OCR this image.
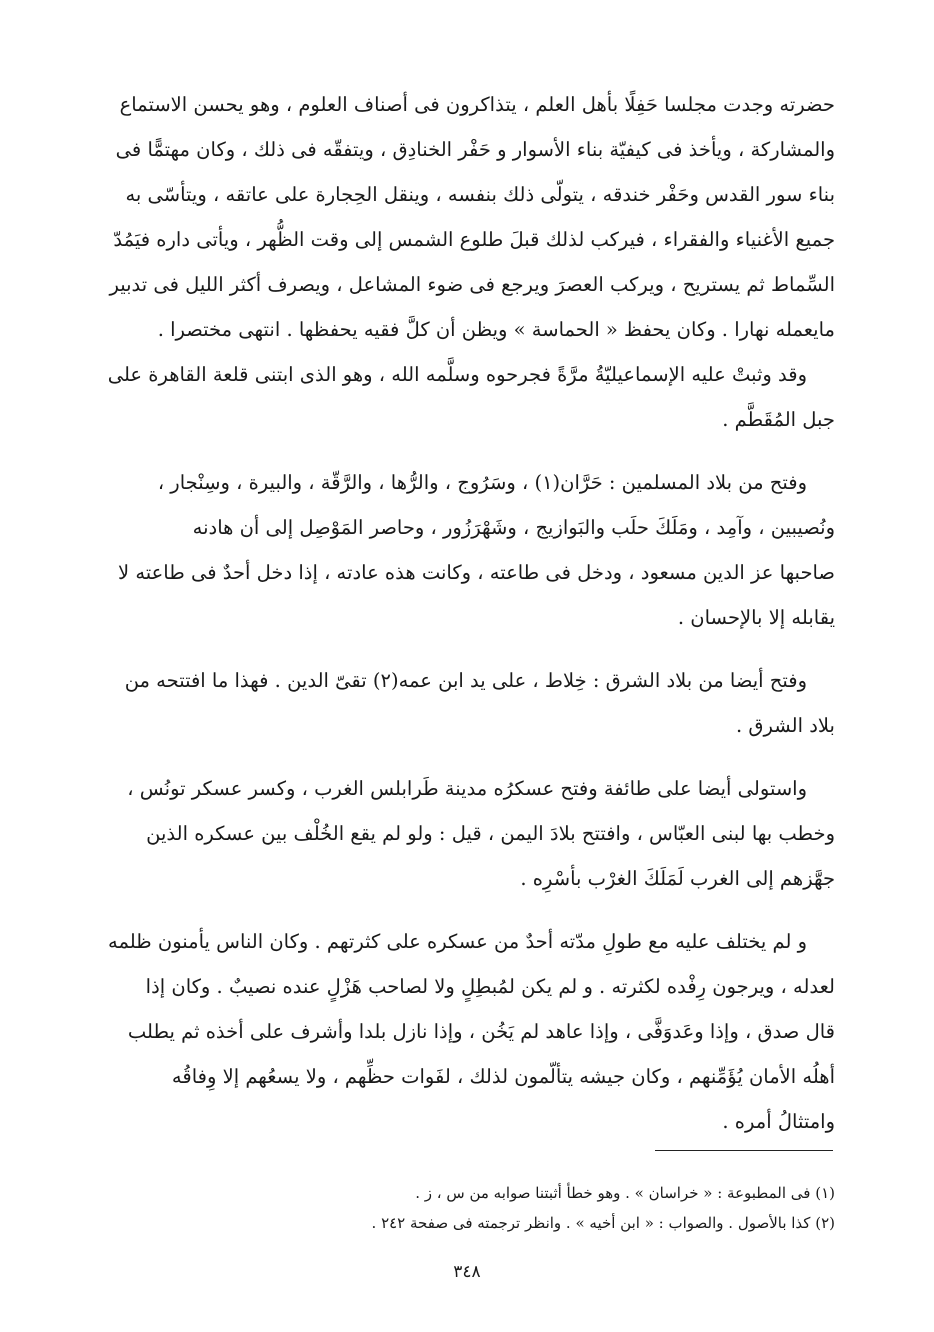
حضرته وجدت مجلسا حَفِلًا بأهل العلم ، يتذاكرون فى أصناف العلوم ، وهو يحسن الاستماع
والمشاركة ، ويأخذ فى كيفيّة بناء الأسوار و حَفْر الخنادِق ، ويتفقّه فى ذلك ، وكان مهتمًّا فى
بناء سور القدس وحَفْر خندقه ، يتولّى ذلك بنفسه ، وينقل الحِجارة على عاتقه ، ويتأسّى به
جميع الأغنياء والفقراء ، فيركب لذلك قبلَ طلوع الشمس إلى وقت الظُّهر ، ويأتى داره فيَمُدّ
السِّماط ثم يستريح ، ويركب العصرَ ويرجع فى ضوء المشاعل ، ويصرف أكثر الليل فى تدبير
مايعمله نهارا . وكان يحفظ « الحماسة » ويظن أن كلَّ فقيه يحفظها . انتهى مختصرا .

وقد وثبتْ عليه الإسماعيليّةُ مرَّةً فجرحوه وسلَّمه الله ، وهو الذى ابتنى قلعة القاهرة على
جبل المُقَطَّم .

وفتح من بلاد المسلمين : حَرَّان(١) ، وسَرُوج ، والرُّها ، والرَّقّة ، والبيرة ، وسِنْجار ،
ونُصيبين ، وآمِد ، ومَلَكَ حلَب والبَوازيج ، وشَهْرَزُور ، وحاصر المَوْصِل إلى أن هادنه
صاحبها عز الدين مسعود ، ودخل فى طاعته ، وكانت هذه عادته ، إذا دخل أحدٌ فى طاعته لا
يقابله إلا بالإحسان .

وفتح أيضا من بلاد الشرق : خِلاط ، على يد ابن عمه(٢) تقىّ الدين . فهذا ما افتتحه من
بلاد الشرق .

واستولى أيضا على طائفة وفتح عسكرُه مدينة طَرابلس الغرب ، وكسر عسكر تونُس ،
وخطب بها لبنى العبّاس ، وافتتح بلادَ اليمن ، قيل : ولو لم يقع الخُلْف بين عسكره الذين
جهَّزهم إلى الغرب لَمَلَكَ الغرْب بأسْرِه .

و لم يختلف عليه مع طولِ مدّته أحدٌ من عسكره على كثرتهم . وكان الناس يأمنون ظلمه
لعدله ، ويرجون رِفْده لكثرته . و لم يكن لمُبطِلٍ ولا لصاحب هَزْلٍ عنده نصيبٌ . وكان إذا
قال صدق ، وإذا وعَدوَفَّى ، وإذا عاهد لم يَخُن ، وإذا نازل بلدا وأشرف على أخذه ثم يطلب
أهلُه الأمان يُؤَمِّنهم ، وكان جيشه يتألّمون لذلك ، لفَوات حظِّهم ، ولا يسعُهم إلا وِفاقُه
وامتثالُ أمره .

(١) فى المطبوعة : « خراسان » . وهو خطأ أثبتنا صوابه من س ، ز .
(٢) كذا بالأصول . والصواب : « ابن أخيه » . وانظر ترجمته فى صفحة ٢٤٢ .
٣٤٨
